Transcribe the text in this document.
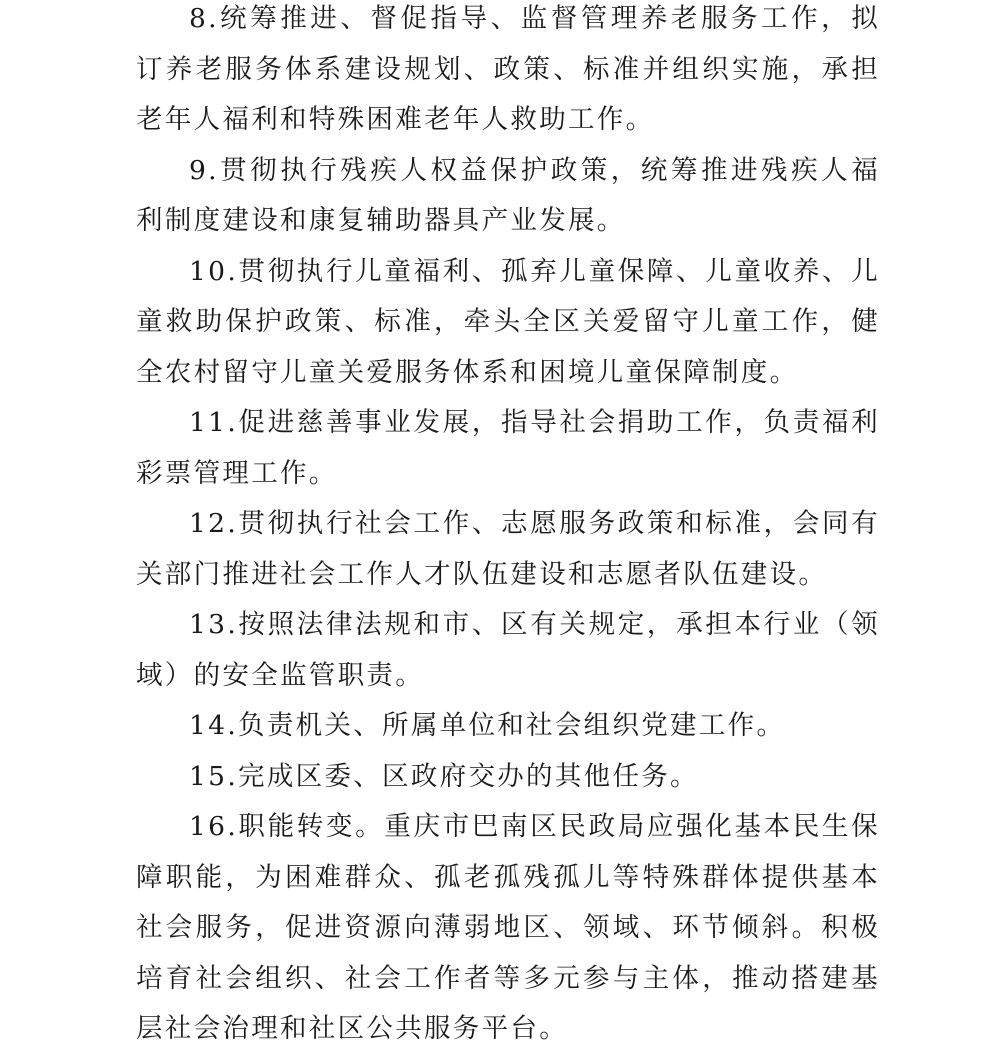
8.统筹推进、督促指导、监督管理养老服务工作，拟订养老服务体系建设规划、政策、标准并组织实施，承担老年人福利和特殊困难老年人救助工作。

9.贯彻执行残疾人权益保护政策，统筹推进残疾人福利制度建设和康复辅助器具产业发展。

10.贯彻执行儿童福利、孤弃儿童保障、儿童收养、儿童救助保护政策、标准，牵头全区关爱留守儿童工作，健全农村留守儿童关爱服务体系和困境儿童保障制度。

11.促进慈善事业发展，指导社会捐助工作，负责福利彩票管理工作。

12.贯彻执行社会工作、志愿服务政策和标准，会同有关部门推进社会工作人才队伍建设和志愿者队伍建设。

13.按照法律法规和市、区有关规定，承担本行业（领域）的安全监管职责。

14.负责机关、所属单位和社会组织党建工作。

15.完成区委、区政府交办的其他任务。

16.职能转变。重庆市巴南区民政局应强化基本民生保障职能，为困难群众、孤老孤残孤儿等特殊群体提供基本社会服务，促进资源向薄弱地区、领域、环节倾斜。积极培育社会组织、社会工作者等多元参与主体，推动搭建基层社会治理和社区公共服务平台。
